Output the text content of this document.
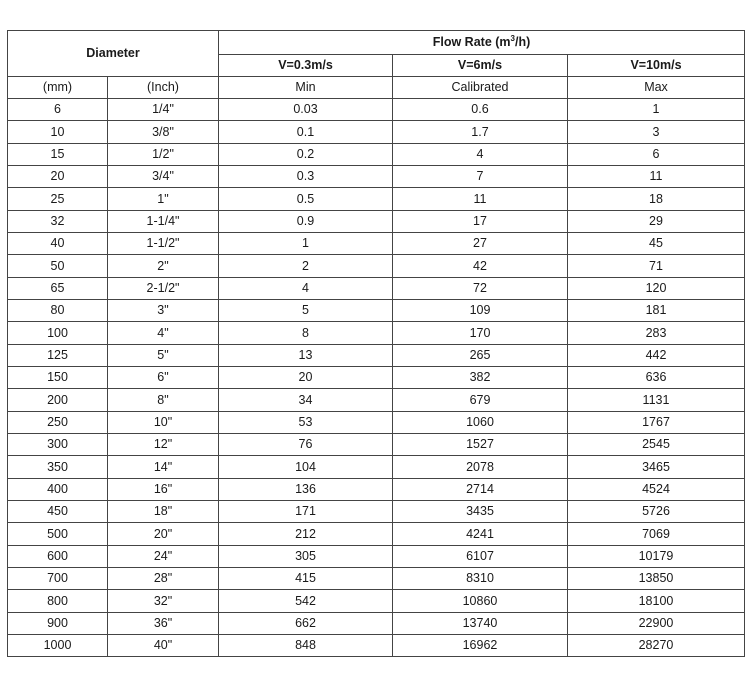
Diameter		Flow Rate $(m^3/h)$		
		V=0.3m/s	V=6m/s	V=10m/s
(mm)	(Inch)	Min	Calibrated	Max
6	1/4"	0.03	0.6	1
10	3/8"	0.1	1.7	3
15	1/2"	0.2	4	6
20	3/4"	0.3	7	11
25	1"	0.5	11	18
32	1-1/4"	0.9	17	29
40	1-1/2"	1	27	45
50	2"	2	42	71
65	2-1/2"	4	72	120
80	3"	5	109	181
100	4"	8	170	283
125	5"	13	265	442
150	6"	20	382	636
200	8"	34	679	1131
250	10"	53	1060	1767
300	12"	76	1527	2545
350	14"	104	2078	3465
400	16"	136	2714	4524
450	18"	171	3435	5726
500	20"	212	4241	7069
600	24"	305	6107	10179
700	28"	415	8310	13850
800	32"	542	10860	18100
900	36"	662	13740	22900
1000	40"	848	16962	28270
